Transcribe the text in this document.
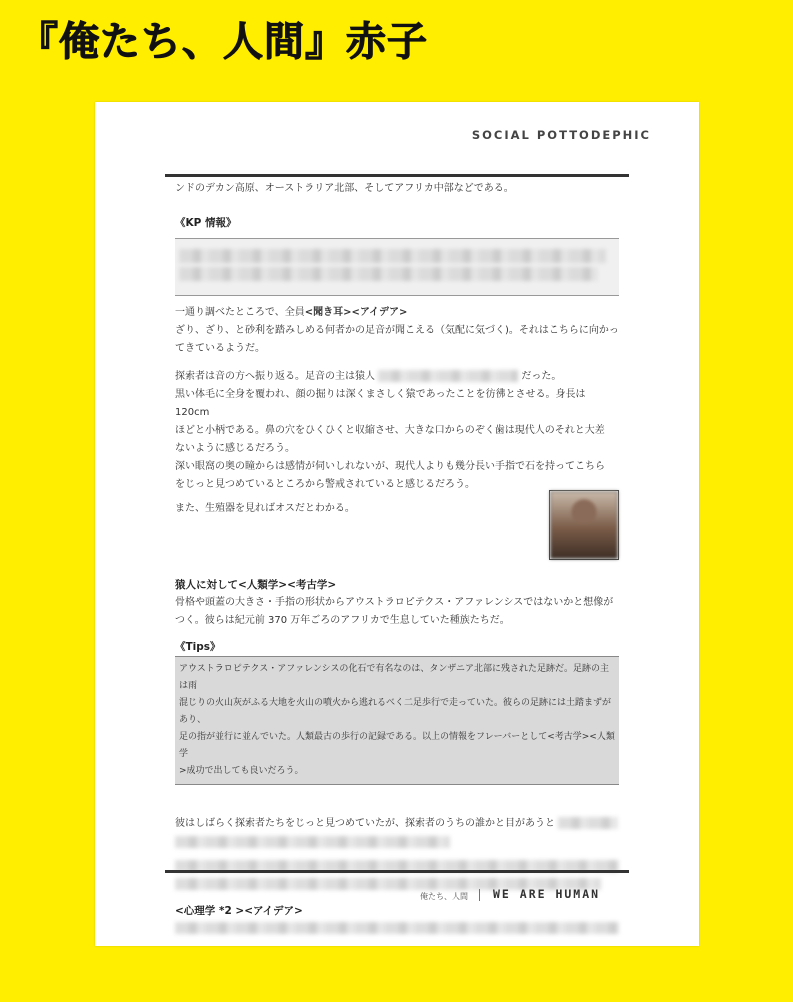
『俺たち、人間』赤子
SOCIAL POTTODEPHIC

ンドのデカン高原、オーストラリア北部、そしてアフリカ中部などである。

《KP 情報》

一通り調べたところで、全員<聞き耳><アイデア>

ざり、ざり、と砂利を踏みしめる何者かの足音が聞こえる（気配に気づく)。それはこちらに向かっ

てきているようだ。

探索者は音の方へ振り返る。足音の主は猿人	だった。

黒い体毛に全身を覆われ、顔の掘りは深くまさしく猿であったことを彷彿とさせる。身長は 120cm

ほどと小柄である。鼻の穴をひくひくと収縮させ、大きな口からのぞく歯は現代人のそれと大差

ないように感じるだろう。

深い眼窩の奥の瞳からは感情が伺いしれないが、現代人よりも幾分長い手指で石を持ってこちら

をじっと見つめているところから警戒されていると感じるだろう。

また、生殖器を見ればオスだとわかる。

猿人に対して<人類学><考古学>

骨格や頭蓋の大きさ・手指の形状からアウストラロピテクス・アファレンシスではないかと想像が

つく。彼らは紀元前 370 万年ごろのアフリカで生息していた種族たちだ。

《Tips》

アウストラロピテクス・アファレンシスの化石で有名なのは、タンザニア北部に残された足跡だ。足跡の主は雨

混じりの火山灰がふる大地を火山の噴火から逃れるべく二足歩行で走っていた。彼らの足跡には土踏まずがあり、

足の指が並行に並んでいた。人類最古の歩行の記録である。以上の情報をフレーバーとして<考古学><人類学

>成功で出しても良いだろう。

彼はしばらく探索者たちをじっと見つめていたが、探索者のうちの誰かと目があうと

<心理学 *2 ><アイデア>

俺たち、人間 WE ARE HUMAN
